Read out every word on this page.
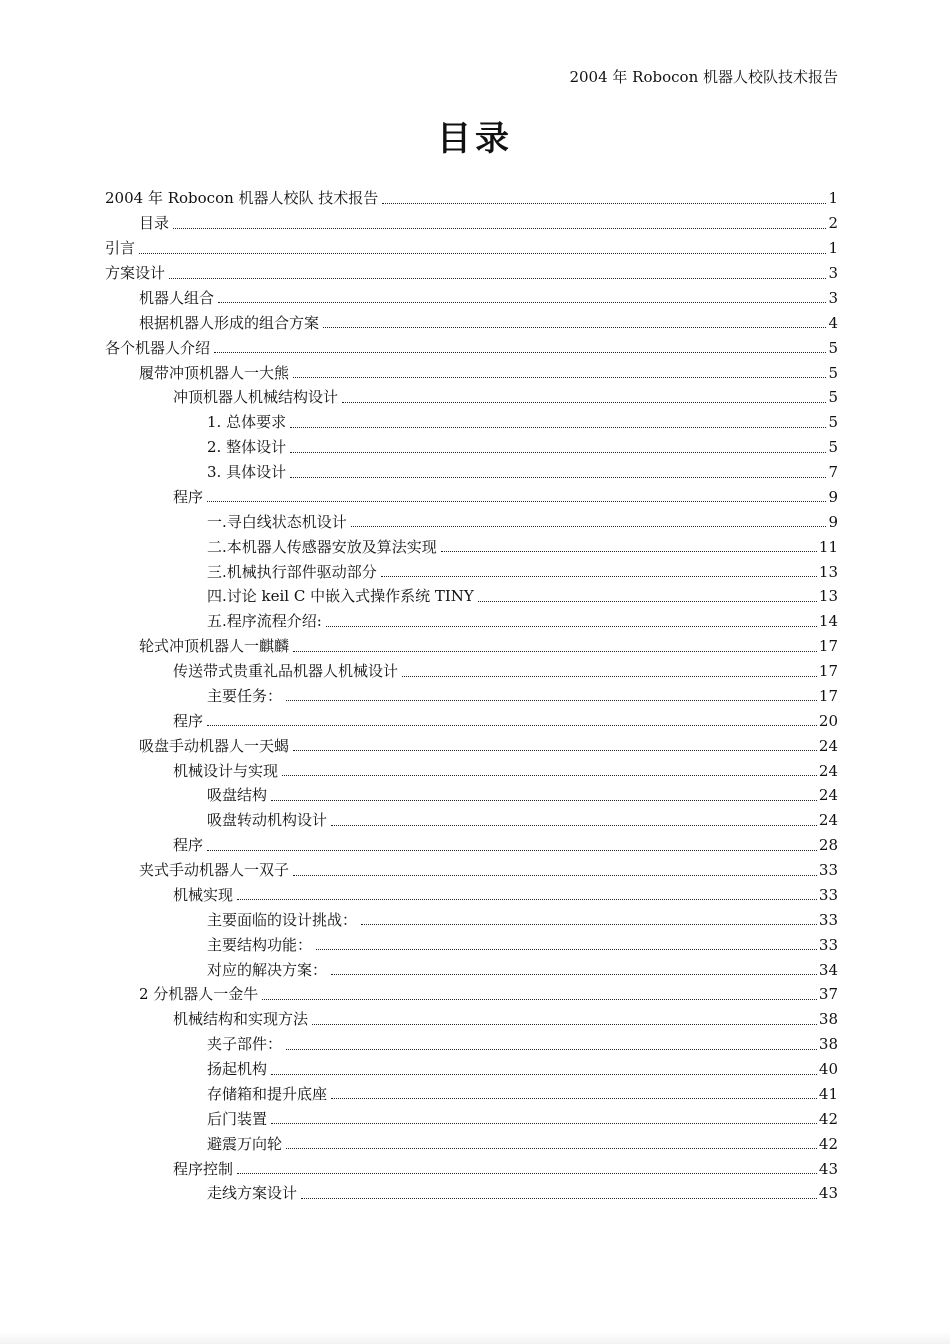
2004 年 Robocon 机器人校队技术报告
目录
2004 年 Robocon 机器人校队 技术报告	1
目录	2
引言	1
方案设计	3
机器人组合	3
根据机器人形成的组合方案	4
各个机器人介绍	5
履带冲顶机器人一大熊	5
冲顶机器人机械结构设计	5
1. 总体要求	5
2. 整体设计	5
3. 具体设计	7
程序	9
一.寻白线状态机设计	9
二.本机器人传感器安放及算法实现	11
三.机械执行部件驱动部分	13
四.讨论 keil C 中嵌入式操作系统 TINY	13
五.程序流程介绍:	14
轮式冲顶机器人一麒麟	17
传送带式贵重礼品机器人机械设计	17
主要任务：	17
程序	20
吸盘手动机器人一天蝎	24
机械设计与实现	24
吸盘结构	24
吸盘转动机构设计	24
程序	28
夹式手动机器人一双子	33
机械实现	33
主要面临的设计挑战：	33
主要结构功能：	33
对应的解决方案：	34
2 分机器人一金牛	37
机械结构和实现方法	38
夹子部件：	38
扬起机构	40
存储箱和提升底座	41
后门装置	42
避震万向轮	42
程序控制	43
走线方案设计	43
